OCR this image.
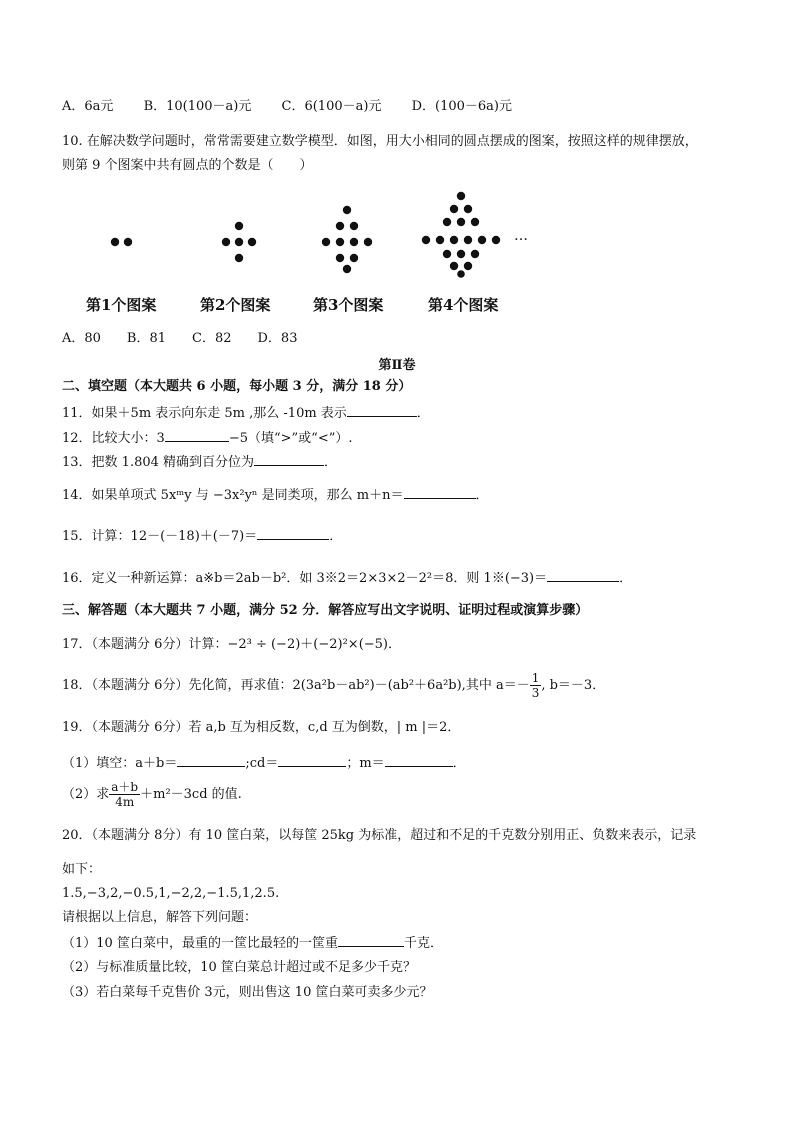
A．6a元 B．10(100－a)元 C．6(100－a)元 D．(100－6a)元
10. 在解决数学问题时，常常需要建立数学模型．如图，用大小相同的圆点摆成的图案，按照这样的规律摆放，
则第 9 个图案中共有圆点的个数是（　　）
…
第1个图案	第2个图案	第3个图案	第4个图案
A．80　　B．81　　C．82　　D．83
第Ⅱ卷
二、填空题（本大题共 6 小题，每小题 3 分，满分 18 分）
11．如果＋5m 表示向东走 5m ,那么 -10m 表示	．
12．比较大小：3	−5（填“>”或“<”）.
13．把数 1.804 精确到百分位为	．
14．如果单项式 5xᵐy 与 −3x²yⁿ 是同类项，那么 m＋n＝	．
15．计算：12－(－18)＋(－7)＝	．
16．定义一种新运算：a※b＝2ab－b²．如 3※2＝2×3×2－2²＝8．则 1※(−3)＝	．
三、解答题（本大题共 7 小题，满分 52 分．解答应写出文字说明、证明过程或演算步骤）
17．（本题满分 6分）计算：−2³ ÷ (−2)＋(−2)²×(−5)．
18．（本题满分 6分）先化简，再求值：2(3a²b－ab²)－(ab²＋6a²b),其中 $a=- \frac{1}{3}$ , b＝－3．
19．（本题满分 6分）若 a,b 互为相反数，c,d 互为倒数，| m |＝2．
（1）填空：a＋b＝	;cd＝	；m＝	．
（2）求 $\frac{a+b}{4m} +m^2-3cd$ 的值.
20．（本题满分 8分）有 10 筐白菜，以每筐 25kg 为标准，超过和不足的千克数分别用正、负数来表示，记录
如下：
1.5,−3,2,−0.5,1,−2,2,−1.5,1,2.5.
请根据以上信息，解答下列问题：
（1）10 筐白菜中，最重的一筐比最轻的一筐重	千克．
（2）与标准质量比较，10 筐白菜总计超过或不足多少千克？
（3）若白菜每千克售价 3元，则出售这 10 筐白菜可卖多少元？
